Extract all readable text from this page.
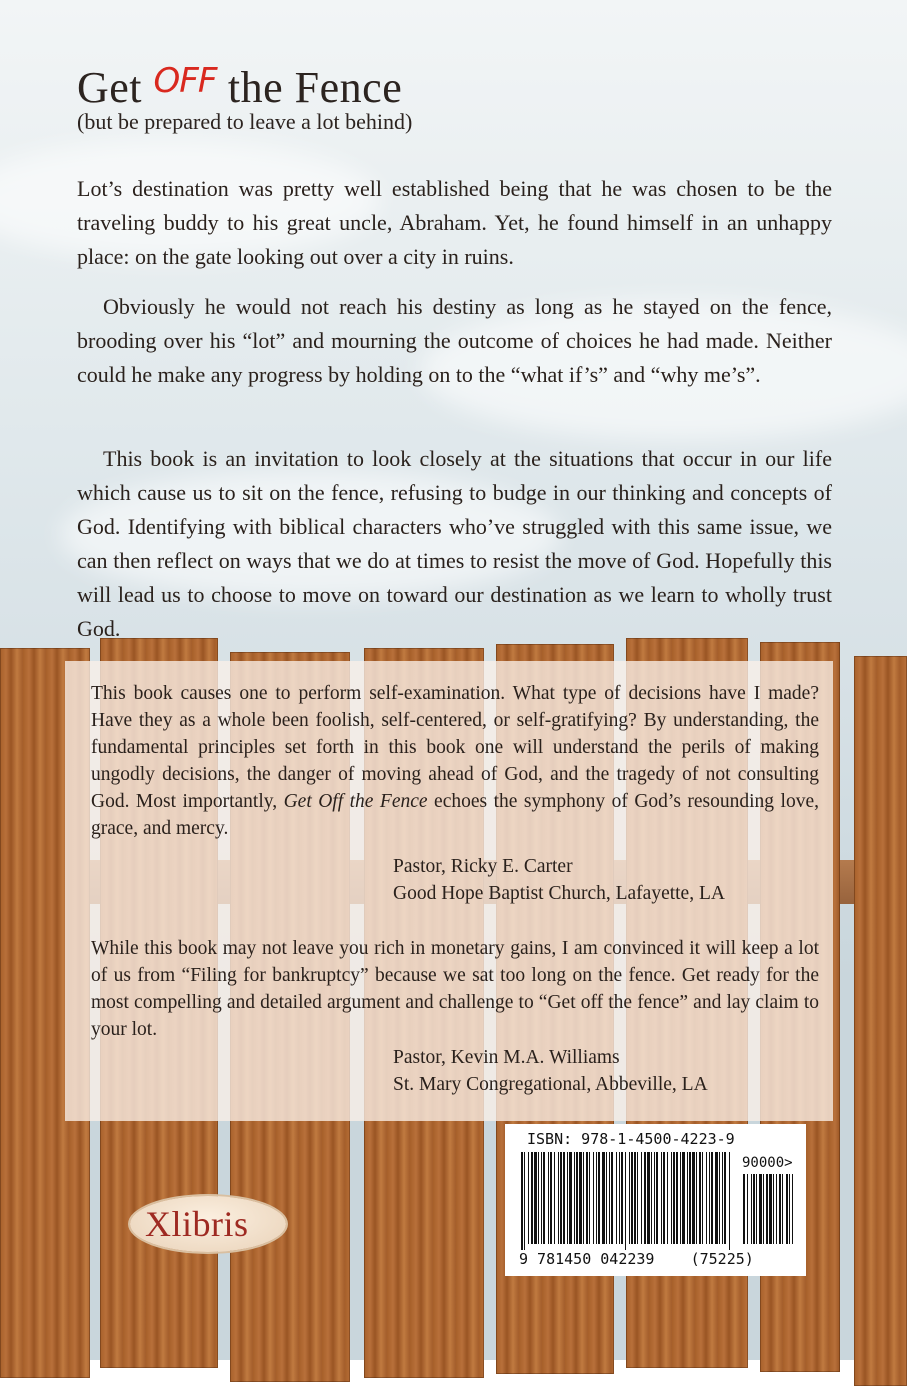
Get $^{OFF}$ the Fence
(but be prepared to leave a lot behind)
Lot’s destination was pretty well established being that he was chosen to be the traveling buddy to his great uncle, Abraham. Yet, he found himself in an unhappy place: on the gate looking out over a city in ruins.
Obviously he would not reach his destiny as long as he stayed on the fence, brooding over his “lot” and mourning the outcome of choices he had made. Neither could he make any progress by holding on to the “what if’s” and “why me’s”.
This book is an invitation to look closely at the situations that occur in our life which cause us to sit on the fence, refusing to budge in our thinking and concepts of God. Identifying with biblical characters who’ve struggled with this same issue, we can then reflect on ways that we do at times to resist the move of God. Hopefully this will lead us to choose to move on toward our destination as we learn to wholly trust God.
This book causes one to perform self-examination. What type of decisions have I made? Have they as a whole been foolish, self-centered, or self-gratifying? By understanding, the fundamental principles set forth in this book one will understand the perils of making ungodly decisions, the danger of moving ahead of God, and the tragedy of not consulting God. Most importantly, Get Off the Fence echoes the symphony of God’s resounding love, grace, and mercy.
Pastor, Ricky E. Carter
Good Hope Baptist Church, Lafayette, LA
While this book may not leave you rich in monetary gains, I am convinced it will keep a lot of us from “Filing for bankruptcy” because we sat too long on the fence. Get ready for the most compelling and detailed argument and challenge to “Get off the fence” and lay claim to your lot.
Pastor, Kevin M.A. Williams
St. Mary Congregational, Abbeville, LA
Xlibris
ISBN: 978-1-4500-4223-9
90000>
9 781450 042239 (75225)
